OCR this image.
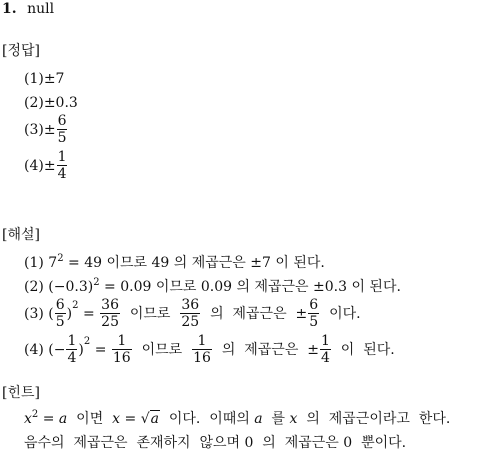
1. null
[정답]
(1)±7
(2)±0.3
$(3)\pm \frac{6}{5}$
$(4)\pm \frac{1}{4}$
[해설]
(1) $7^2 = 49$ 이므로 49 의 제곱근은 ±7 이 된다.
(2) $(-0.3)^2 = 0.09$ 이므로 0.09 의 제곱근은 ±0.3 이 된다.
(3) ( $\frac{6}{5}$ )
$^2$
= $\frac{36}{25}$ 이므로 $\frac{36}{25}$ 의  제곱근은  ± $\frac{6}{5}$ 이다.
(4) (− $\frac{1}{4}$ )
$^2$
= $\frac{1}{16}$ 이므로 $\frac{1}{16}$ 의  제곱근은  ± $\frac{1}{4}$ 이  된다.
[힌트]
$x^2 = a$  이면  x = √a  이다.  이때의 a  를 x  의  제곱근이라고  한다.
음수의  제곱근은  존재하지  않으며 0  의  제곱근은 0  뿐이다.
